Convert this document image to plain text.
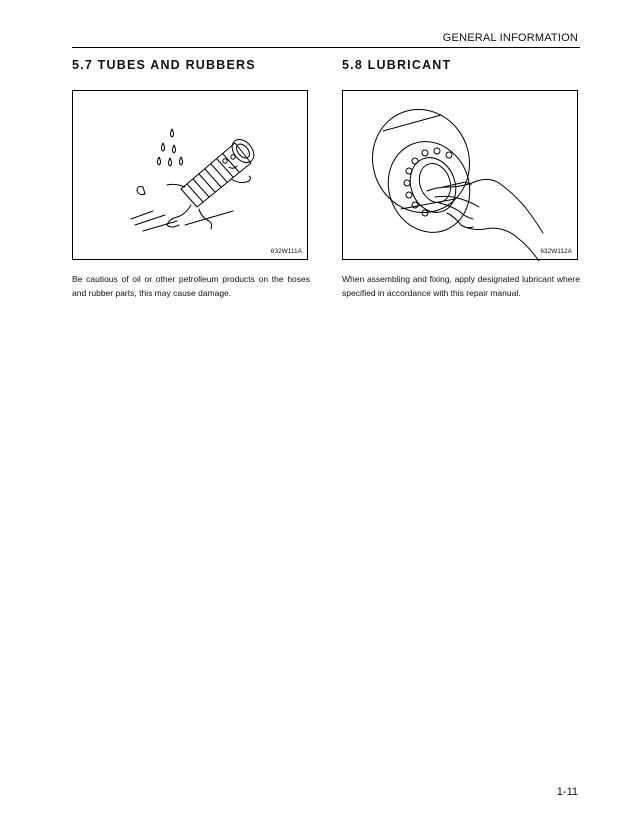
GENERAL INFORMATION
5.7 TUBES AND RUBBERS
632W111A

Be cautious of oil or other petrolleum products on the hoses and rubber parts, this may cause damage.

5.8 LUBRICANT
632W112A

When assembling and fixing, apply designated lubricant where specified in accordance with this repair manual.

1-11
